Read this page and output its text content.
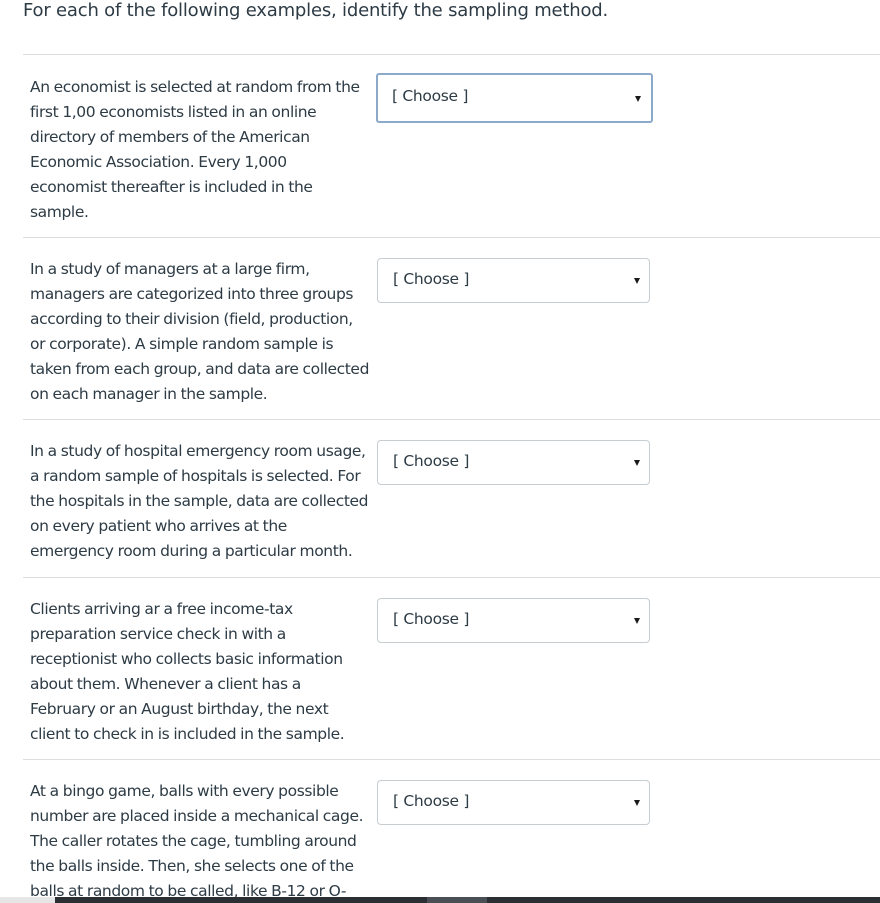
For each of the following examples, identify the sampling method.
An economist is selected at random from the
first 1,00 economists listed in an online
directory of members of the American
Economic Association. Every 1,000
economist thereafter is included in the
sample.
[ Choose ]
In a study of managers at a large firm,
managers are categorized into three groups
according to their division (field, production,
or corporate). A simple random sample is
taken from each group, and data are collected
on each manager in the sample.
[ Choose ]
In a study of hospital emergency room usage,
a random sample of hospitals is selected. For
the hospitals in the sample, data are collected
on every patient who arrives at the
emergency room during a particular month.
[ Choose ]
Clients arriving ar a free income-tax
preparation service check in with a
receptionist who collects basic information
about them. Whenever a client has a
February or an August birthday, the next
client to check in is included in the sample.
[ Choose ]
At a bingo game, balls with every possible
number are placed inside a mechanical cage.
The caller rotates the cage, tumbling around
the balls inside. Then, she selects one of the
balls at random to be called, like B-12 or O-
[ Choose ]
